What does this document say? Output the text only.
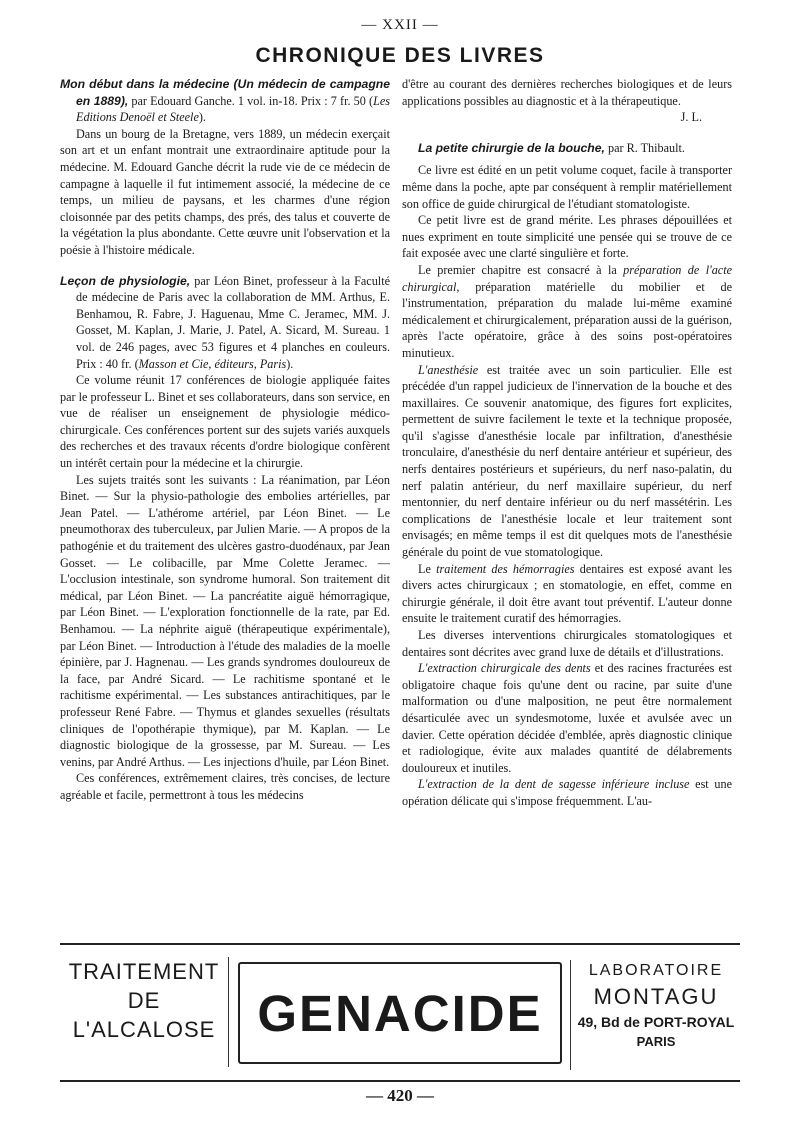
— XXII —
CHRONIQUE DES LIVRES

Mon début dans la médecine (Un médecin de campagne en 1889), par Edouard Ganche. 1 vol. in-18. Prix : 7 fr. 50 (Les Editions Denoël et Steele).

Dans un bourg de la Bretagne, vers 1889, un médecin exerçait son art et un enfant montrait une extraordinaire aptitude pour la médecine. M. Edouard Ganche décrit la rude vie de ce médecin de campagne à laquelle il fut intimement associé, la médecine de ce temps, un milieu de paysans, et les charmes d'une région cloisonnée par des petits champs, des prés, des talus et couverte de la végétation la plus abondante. Cette œuvre unit l'observation et la poésie à l'histoire médicale.

Leçon de physiologie, par Léon Binet, professeur à la Faculté de médecine de Paris avec la collaboration de MM. Arthus, E. Benhamou, R. Fabre, J. Haguenau, Mme C. Jeramec, MM. J. Gosset, M. Kaplan, J. Marie, J. Patel, A. Sicard, M. Sureau. 1 vol. de 246 pages, avec 53 figures et 4 planches en couleurs. Prix : 40 fr. (Masson et Cie, éditeurs, Paris).

Ce volume réunit 17 conférences de biologie appliquée faites par le professeur L. Binet et ses collaborateurs, dans son service, en vue de réaliser un enseignement de physiologie médico-chirurgicale. Ces conférences portent sur des sujets variés auxquels des recherches et des travaux récents d'ordre biologique confèrent un intérêt certain pour la médecine et la chirurgie.

Les sujets traités sont les suivants : La réanimation, par Léon Binet. — Sur la physio-pathologie des embolies artérielles, par Jean Patel. — L'athérome artériel, par Léon Binet. — Le pneumothorax des tuberculeux, par Julien Marie. — A propos de la pathogénie et du traitement des ulcères gastro-duodénaux, par Jean Gosset. — Le colibacille, par Mme Colette Jeramec. — L'occlusion intestinale, son syndrome humoral. Son traitement dit médical, par Léon Binet. — La pancréatite aiguë hémorragique, par Léon Binet. — L'exploration fonctionnelle de la rate, par Ed. Benhamou. — La néphrite aiguë (thérapeutique expérimentale), par Léon Binet. — Introduction à l'étude des maladies de la moelle épinière, par J. Hagnenau. — Les grands syndromes douloureux de la face, par André Sicard. — Le rachitisme spontané et le rachitisme expérimental. — Les substances antirachitiques, par le professeur René Fabre. — Thymus et glandes sexuelles (résultats cliniques de l'opothérapie thymique), par M. Kaplan. — Le diagnostic biologique de la grossesse, par M. Sureau. — Les venins, par André Arthus. — Les injections d'huile, par Léon Binet.

Ces conférences, extrêmement claires, très concises, de lecture agréable et facile, permettront à tous les médecins

d'être au courant des dernières recherches biologiques et de leurs applications possibles au diagnostic et à la thérapeutique.
J. L.

La petite chirurgie de la bouche, par R. Thibault.

Ce livre est édité en un petit volume coquet, facile à transporter même dans la poche, apte par conséquent à remplir matériellement son office de guide chirurgical de l'étudiant stomatologiste.

Ce petit livre est de grand mérite. Les phrases dépouillées et nues expriment en toute simplicité une pensée qui se trouve de ce fait exposée avec une clarté singulière et forte.

Le premier chapitre est consacré à la préparation de l'acte chirurgical, préparation matérielle du mobilier et de l'instrumentation, préparation du malade lui-même examiné médicalement et chirurgicalement, préparation aussi de la guérison, après l'acte opératoire, grâce à des soins post-opératoires minutieux.

L'anesthésie est traitée avec un soin particulier. Elle est précédée d'un rappel judicieux de l'innervation de la bouche et des maxillaires. Ce souvenir anatomique, des figures fort explicites, permettent de suivre facilement le texte et la technique proposée, qu'il s'agisse d'anesthésie locale par infiltration, d'anesthésie tronculaire, d'anesthésie du nerf dentaire antérieur et supérieur, des nerfs dentaires postérieurs et supérieurs, du nerf naso-palatin, du nerf palatin antérieur, du nerf maxillaire supérieur, du nerf mentonnier, du nerf dentaire inférieur ou du nerf massétérin. Les complications de l'anesthésie locale et leur traitement sont envisagés; en même temps il est dit quelques mots de l'anesthésie générale du point de vue stomatologique.

Le traitement des hémorragies dentaires est exposé avant les divers actes chirurgicaux ; en stomatologie, en effet, comme en chirurgie générale, il doit être avant tout préventif. L'auteur donne ensuite le traitement curatif des hémorragies.

Les diverses interventions chirurgicales stomatologiques et dentaires sont décrites avec grand luxe de détails et d'illustrations.

L'extraction chirurgicale des dents et des racines fracturées est obligatoire chaque fois qu'une dent ou racine, par suite d'une malformation ou d'une malposition, ne peut être normalement désarticulée avec un syndesmotome, luxée et avulsée avec un davier. Cette opération décidée d'emblée, après diagnostic clinique et radiologique, évite aux malades quantité de délabrements douloureux et inutiles.

L'extraction de la dent de sagesse inférieure incluse est une opération délicate qui s'impose fréquemment. L'au-

TRAITEMENT
DE
L'ALCALOSE GENACIDE
LABORATOIRE
MONTAGU
49, Bd de PORT-ROYAL
PARIS
— 420 —
